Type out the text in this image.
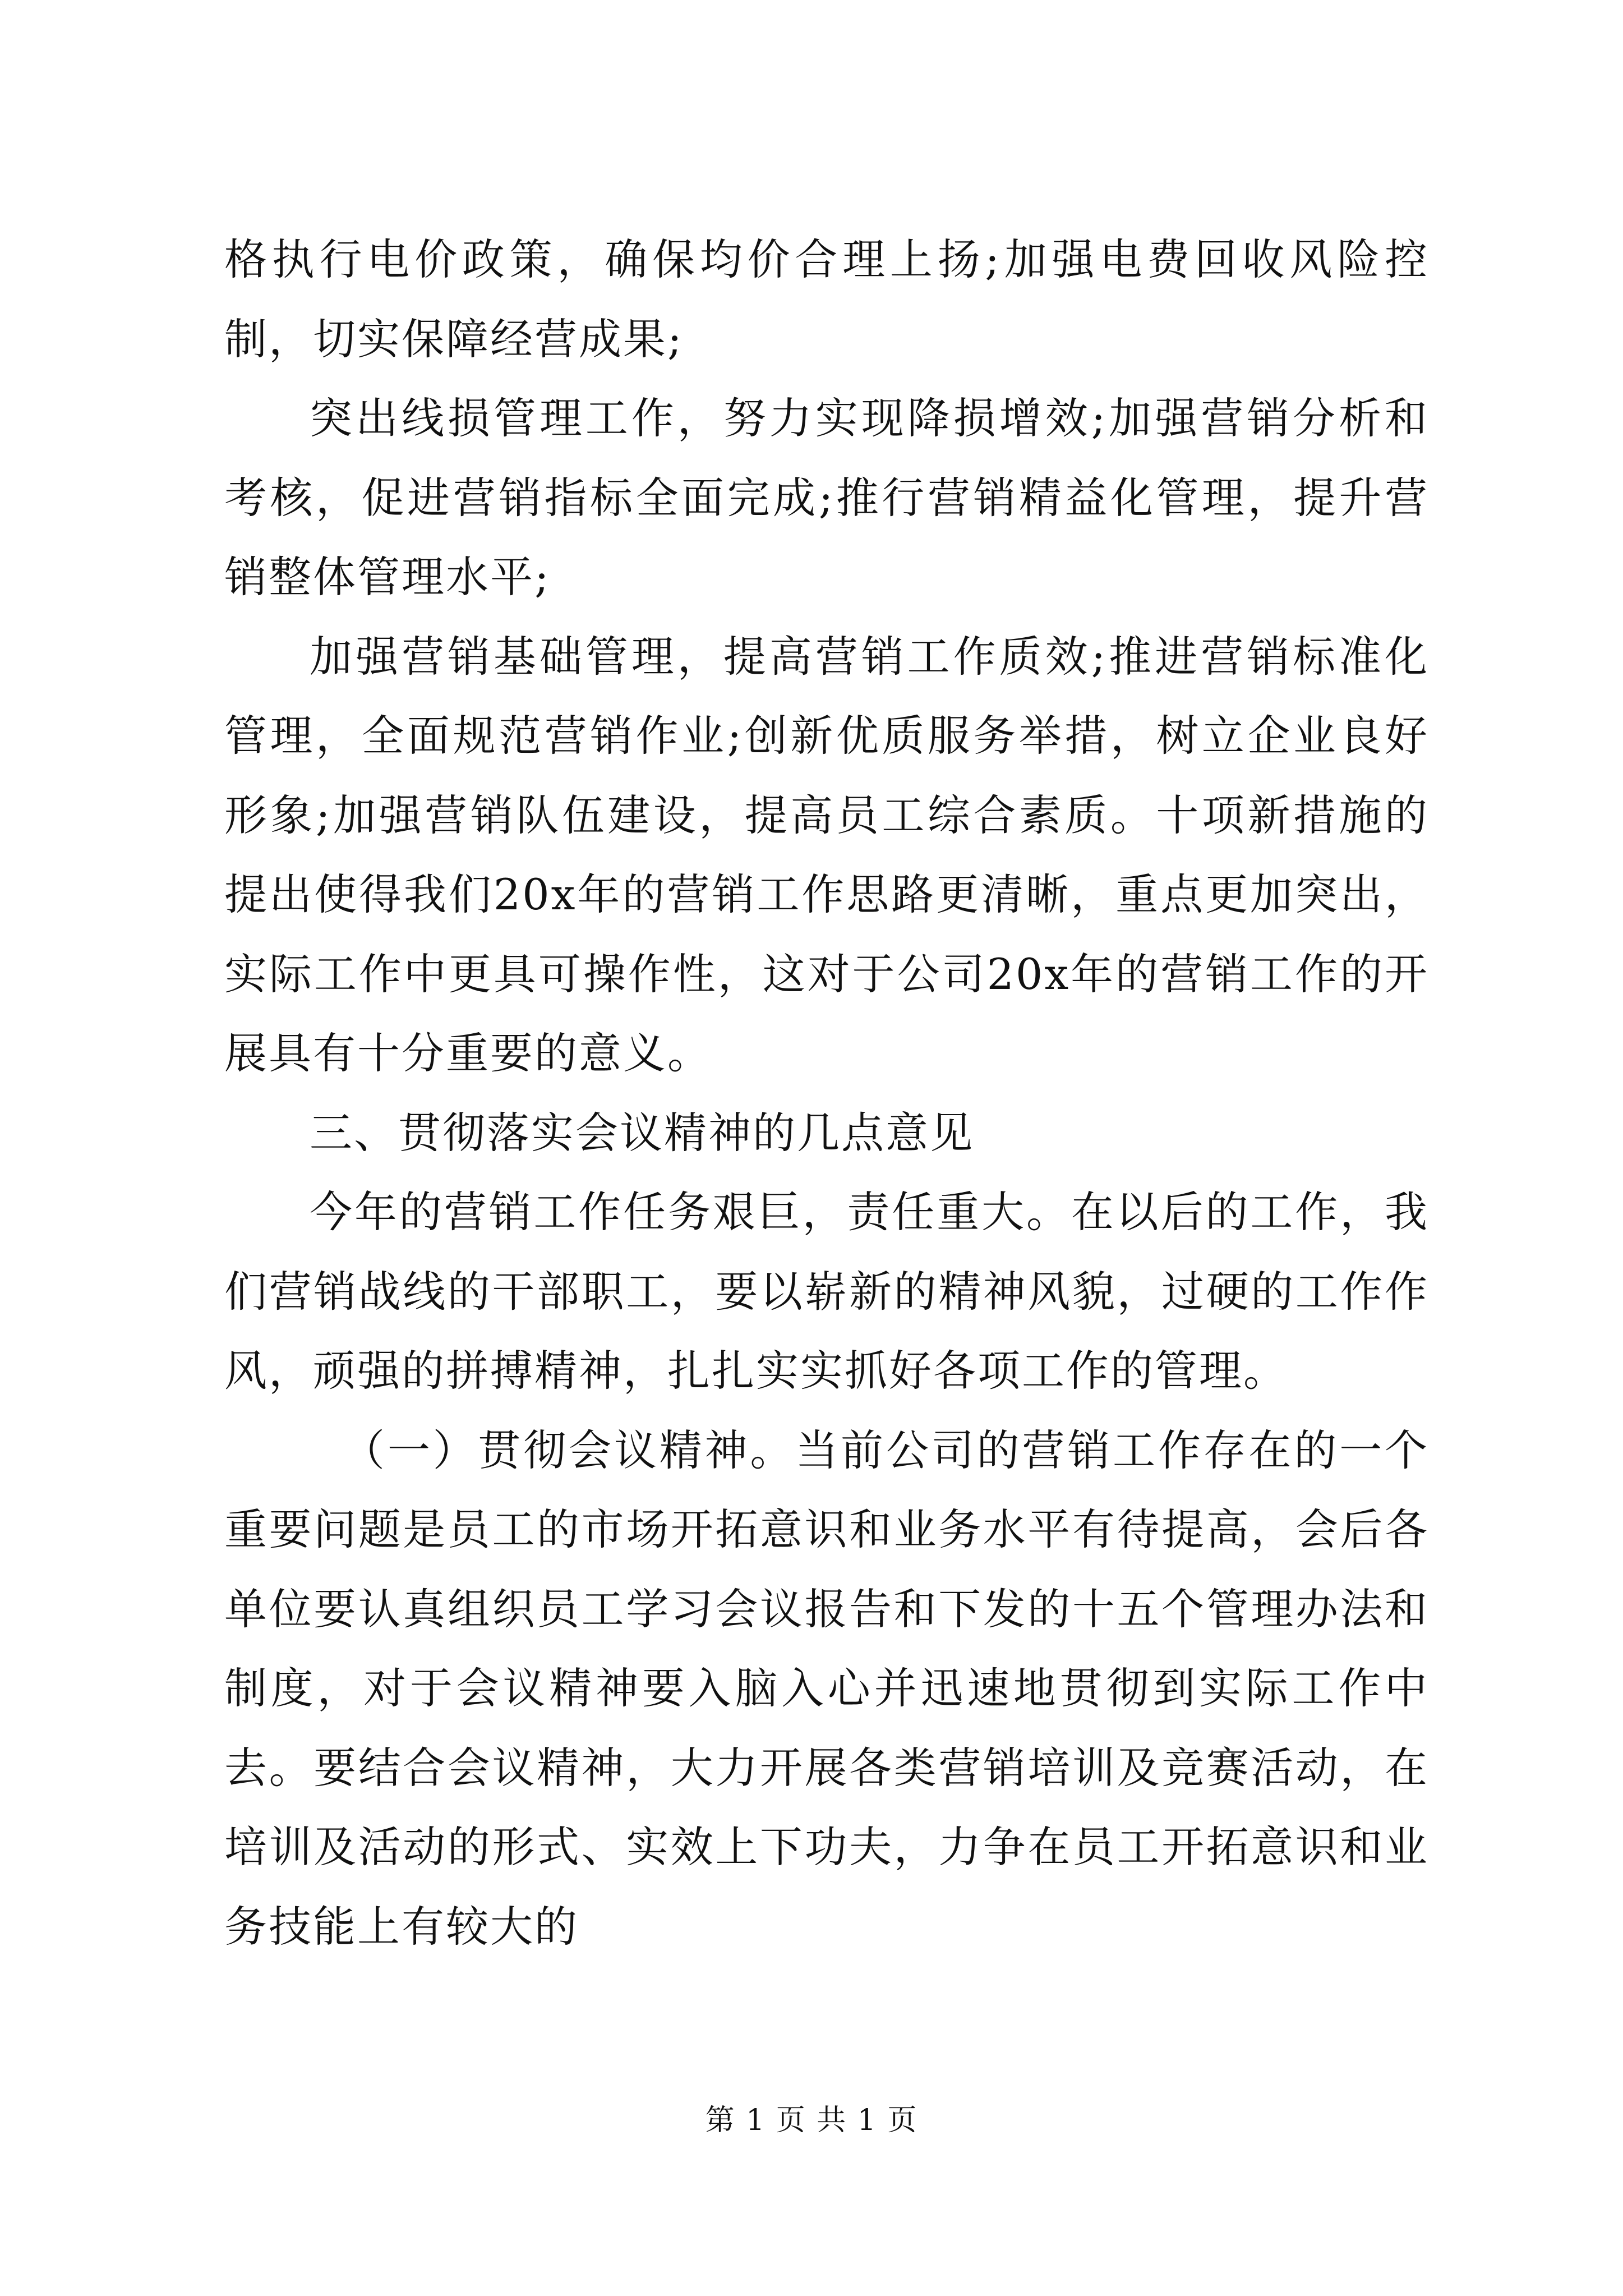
格执行电价政策，确保均价合理上扬;加强电费回收风险控制，切实保障经营成果;

突出线损管理工作，努力实现降损增效;加强营销分析和考核，促进营销指标全面完成;推行营销精益化管理，提升营销整体管理水平;

加强营销基础管理，提高营销工作质效;推进营销标准化管理，全面规范营销作业;创新优质服务举措，树立企业良好形象;加强营销队伍建设，提高员工综合素质。十项新措施的提出使得我们20x年的营销工作思路更清晰，重点更加突出，实际工作中更具可操作性，这对于公司20x年的营销工作的开展具有十分重要的意义。

三、贯彻落实会议精神的几点意见

今年的营销工作任务艰巨，责任重大。在以后的工作，我们营销战线的干部职工，要以崭新的精神风貌，过硬的工作作风，顽强的拼搏精神，扎扎实实抓好各项工作的管理。

（一）贯彻会议精神。当前公司的营销工作存在的一个重要问题是员工的市场开拓意识和业务水平有待提高，会后各单位要认真组织员工学习会议报告和下发的十五个管理办法和制度，对于会议精神要入脑入心并迅速地贯彻到实际工作中去。要结合会议精神，大力开展各类营销培训及竞赛活动，在培训及活动的形式、实效上下功夫，力争在员工开拓意识和业务技能上有较大的

第 1 页 共 1 页
